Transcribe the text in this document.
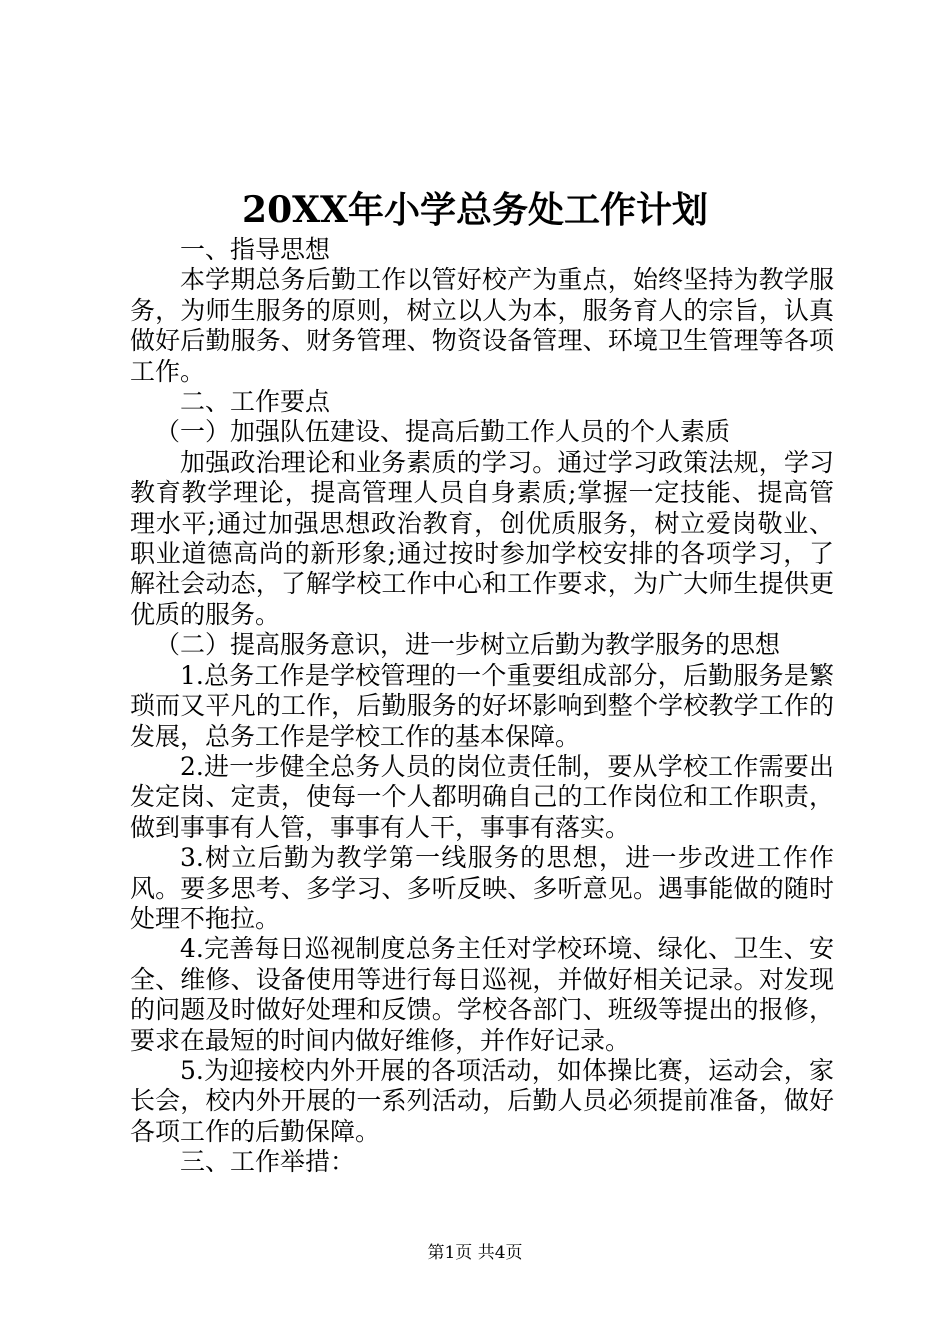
20XX年小学总务处工作计划

一、指导思想

本学期总务后勤工作以管好校产为重点，始终坚持为教学服务，为师生服务的原则，树立以人为本，服务育人的宗旨，认真做好后勤服务、财务管理、物资设备管理、环境卫生管理等各项工作。

二、工作要点

（一）加强队伍建设、提高后勤工作人员的个人素质

加强政治理论和业务素质的学习。通过学习政策法规，学习教育教学理论，提高管理人员自身素质;掌握一定技能、提高管理水平;通过加强思想政治教育，创优质服务，树立爱岗敬业、职业道德高尚的新形象;通过按时参加学校安排的各项学习，了解社会动态，了解学校工作中心和工作要求，为广大师生提供更优质的服务。

（二）提高服务意识，进一步树立后勤为教学服务的思想

1.总务工作是学校管理的一个重要组成部分，后勤服务是繁琐而又平凡的工作，后勤服务的好坏影响到整个学校教学工作的发展，总务工作是学校工作的基本保障。

2.进一步健全总务人员的岗位责任制，要从学校工作需要出发定岗、定责，使每一个人都明确自己的工作岗位和工作职责，做到事事有人管，事事有人干，事事有落实。

3.树立后勤为教学第一线服务的思想，进一步改进工作作风。要多思考、多学习、多听反映、多听意见。遇事能做的随时处理不拖拉。

4.完善每日巡视制度总务主任对学校环境、绿化、卫生、安全、维修、设备使用等进行每日巡视，并做好相关记录。对发现的问题及时做好处理和反馈。学校各部门、班级等提出的报修，要求在最短的时间内做好维修，并作好记录。

5.为迎接校内外开展的各项活动，如体操比赛，运动会，家长会，校内外开展的一系列活动，后勤人员必须提前准备，做好各项工作的后勤保障。

三、工作举措：

第1页 共4页
